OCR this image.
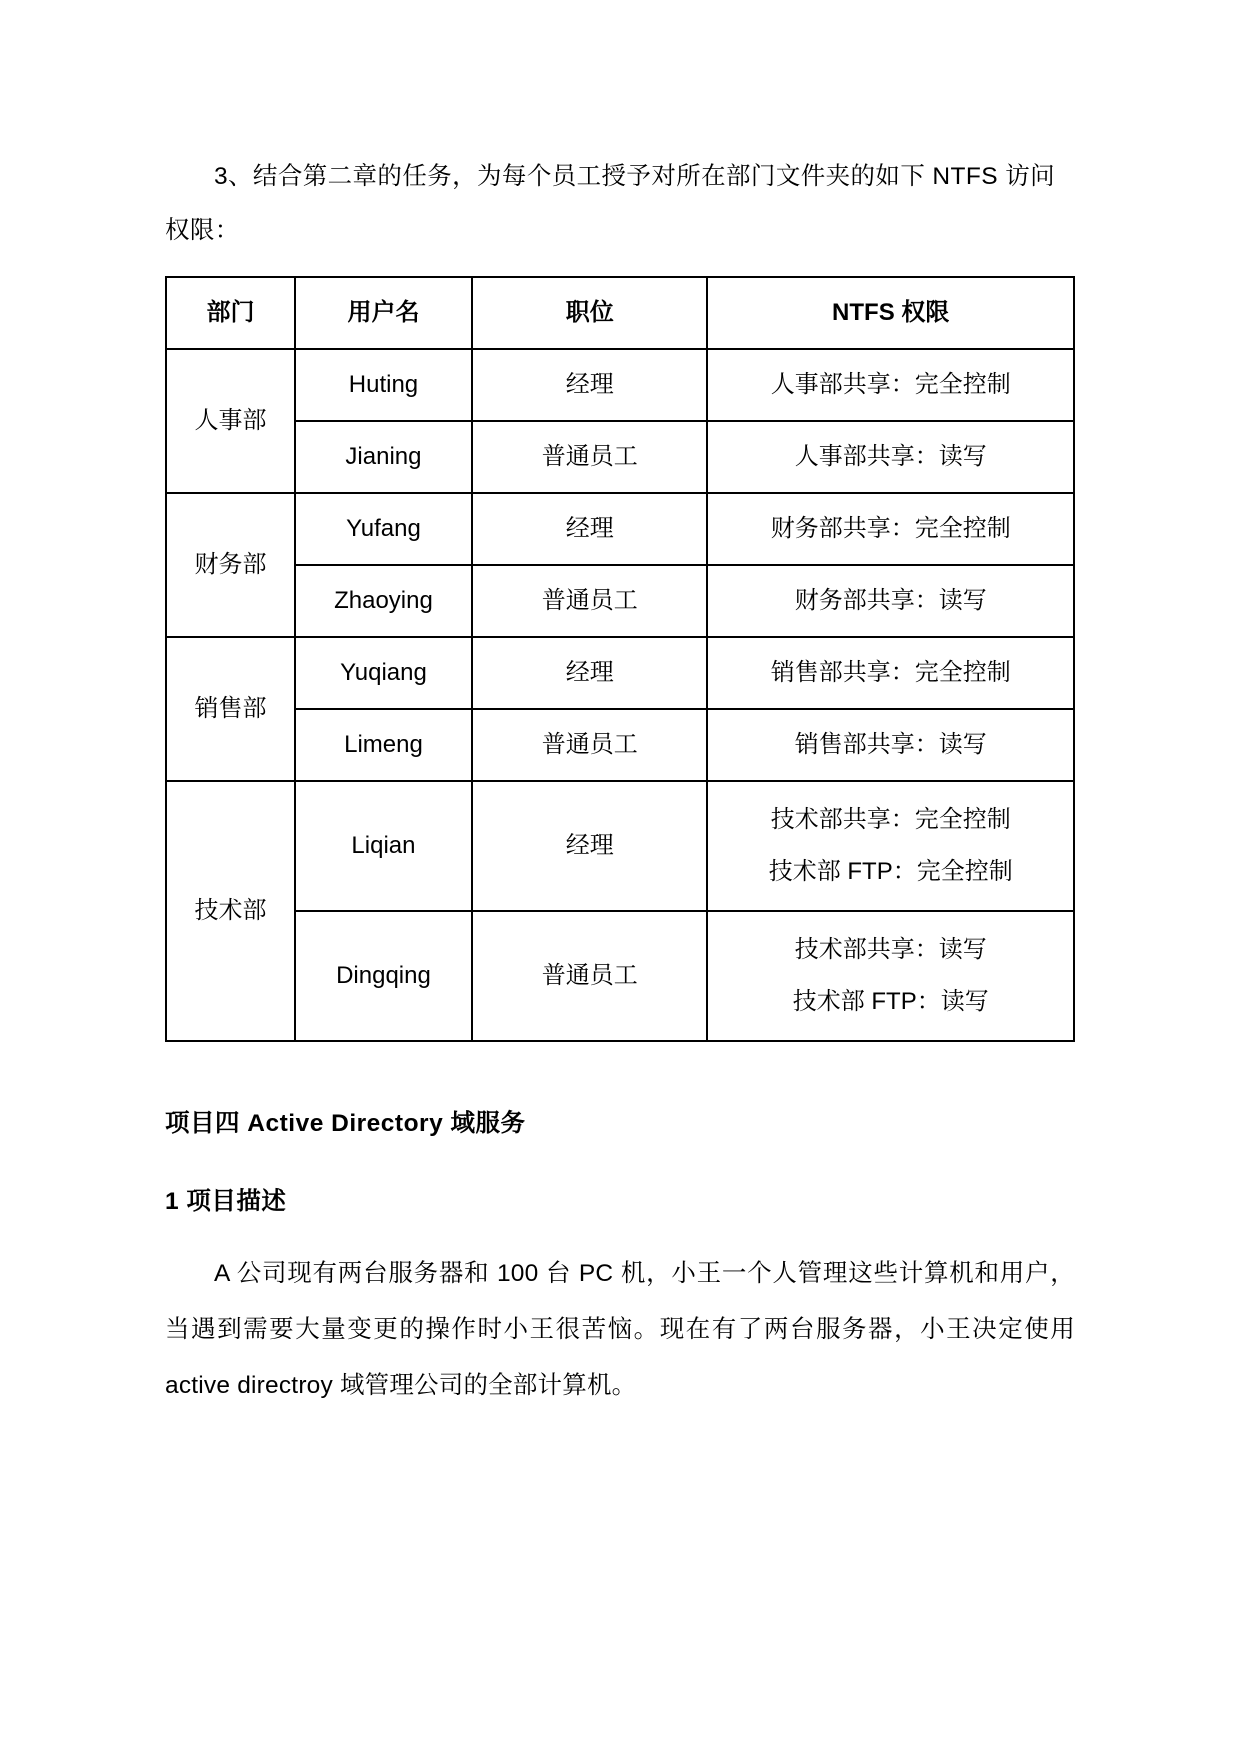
3、结合第二章的任务，为每个员工授予对所在部门文件夹的如下 NTFS 访问权限：

部门	用户名	职位	NTFS 权限
人事部	Huting	经理	人事部共享：完全控制

	Jianing	普通员工	人事部共享：读写

财务部	Yufang	经理	财务部共享：完全控制

	Zhaoying	普通员工	财务部共享：读写

销售部	Yuqiang	经理	销售部共享：完全控制

	Limeng	普通员工	销售部共享：读写

技术部	Liqian	经理	技术部共享：完全控制
技术部 FTP：完全控制

	Dingqing	普通员工	技术部共享：读写
技术部 FTP：读写
项目四 Active Directory 域服务
1 项目描述

A 公司现有两台服务器和 100 台 PC 机，小王一个人管理这些计算机和用户，当遇到需要大量变更的操作时小王很苦恼。现在有了两台服务器，小王决定使用 active directroy 域管理公司的全部计算机。
